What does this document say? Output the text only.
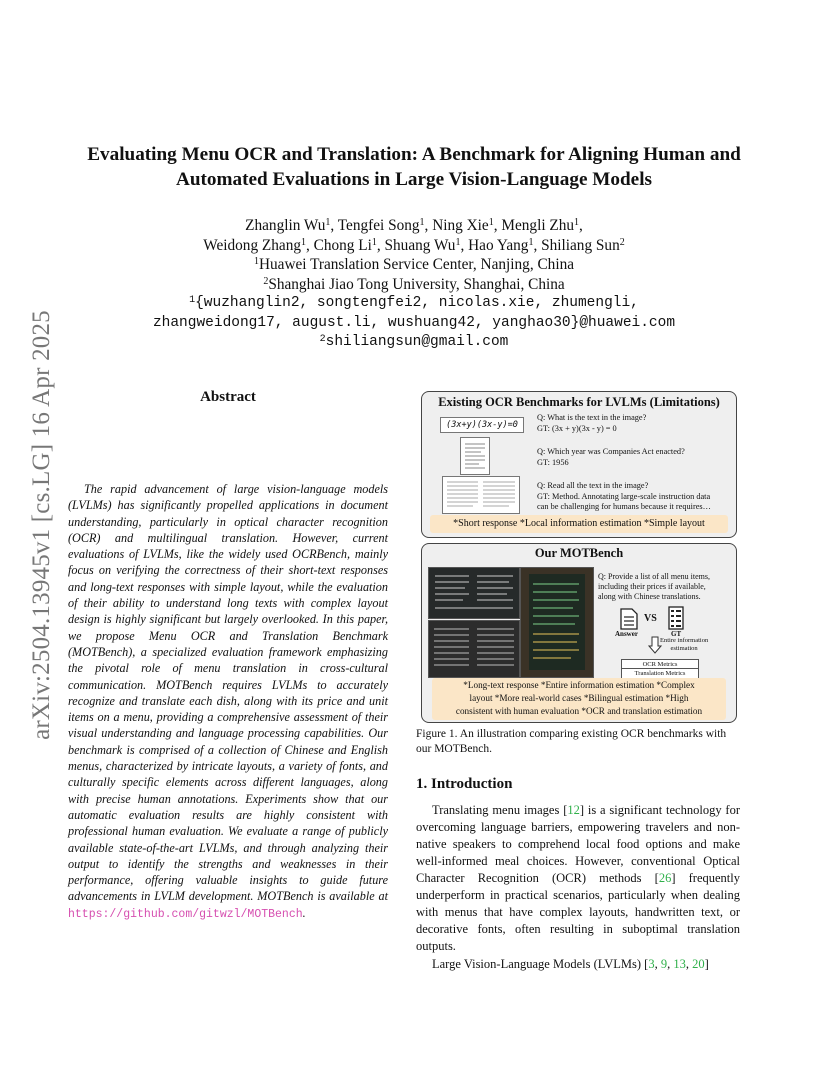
arXiv:2504.13945v1 [cs.LG] 16 Apr 2025
Evaluating Menu OCR and Translation: A Benchmark for Aligning Human and
Automated Evaluations in Large Vision-Language Models
Zhanglin Wu$^1$, Tengfei Song$^1$, Ning Xie$^1$, Mengli Zhu$^1$,
Weidong Zhang$^1$, Chong Li$^1$, Shuang Wu$^1$, Hao Yang$^1$, Shiliang Sun$^2$
$^1$Huawei Translation Service Center, Nanjing, China
$^2$Shanghai Jiao Tong University, Shanghai, China
$^1${wuzhanglin2, songtengfei2, nicolas.xie, zhumengli,
zhangweidong17, august.li, wushuang42, yanghao30}@huawei.com
$^2$shiliangsun@gmail.com
Abstract
The rapid advancement of large vision-language models (LVLMs) has significantly propelled applications in document understanding, particularly in optical character recognition (OCR) and multilingual translation. However, current evaluations of LVLMs, like the widely used OCRBench, mainly focus on verifying the correctness of their short-text responses and long-text responses with simple layout, while the evaluation of their ability to understand long texts with complex layout design is highly significant but largely overlooked. In this paper, we propose Menu OCR and Translation Benchmark (MOTBench), a specialized evaluation framework emphasizing the pivotal role of menu translation in cross-cultural communication. MOTBench requires LVLMs to accurately recognize and translate each dish, along with its price and unit items on a menu, providing a comprehensive assessment of their visual understanding and language processing capabilities. Our benchmark is comprised of a collection of Chinese and English menus, characterized by intricate layouts, a variety of fonts, and culturally specific elements across different languages, along with precise human annotations. Experiments show that our automatic evaluation results are highly consistent with professional human evaluation. We evaluate a range of publicly available state-of-the-art LVLMs, and through analyzing their output to identify the strengths and weaknesses in their performance, offering valuable insights to guide future advancements in LVLM development. MOTBench is available at https://github.com/gitwzl/MOTBench.
Existing OCR Benchmarks for LVLMs (Limitations)
(3x+y)(3x-y)=0
Q: What is the text in the image?
GT: (3x + y)(3x - y) = 0
Q: Which year was Companies Act enacted?
GT: 1956
Q: Read all the text in the image?
GT: Method. Annotating large-scale instruction data
can be challenging for humans because it requires…
*Short response *Local information estimation *Simple layout
Our MOTBench
Q: Provide a list of all menu items,
including their prices if available,
along with Chinese translations.
Answer
VS
GT
Entire information
estimation
OCR Metrics
Translation Metrics
*Long-text response *Entire information estimation *Complex
layout *More real-world cases *Bilingual estimation *High
consistent with human evaluation *OCR and translation estimation
Figure 1. An illustration comparing existing OCR benchmarks with our MOTBench.
1. Introduction
Translating menu images [12] is a significant technology for overcoming language barriers, empowering travelers and non-native speakers to comprehend local food options and make well-informed meal choices. However, conventional Optical Character Recognition (OCR) methods [26] frequently underperform in practical scenarios, particularly when dealing with menus that have complex layouts, handwritten text, or decorative fonts, often resulting in suboptimal translation outputs.
Large Vision-Language Models (LVLMs) [3, 9, 13, 20]
